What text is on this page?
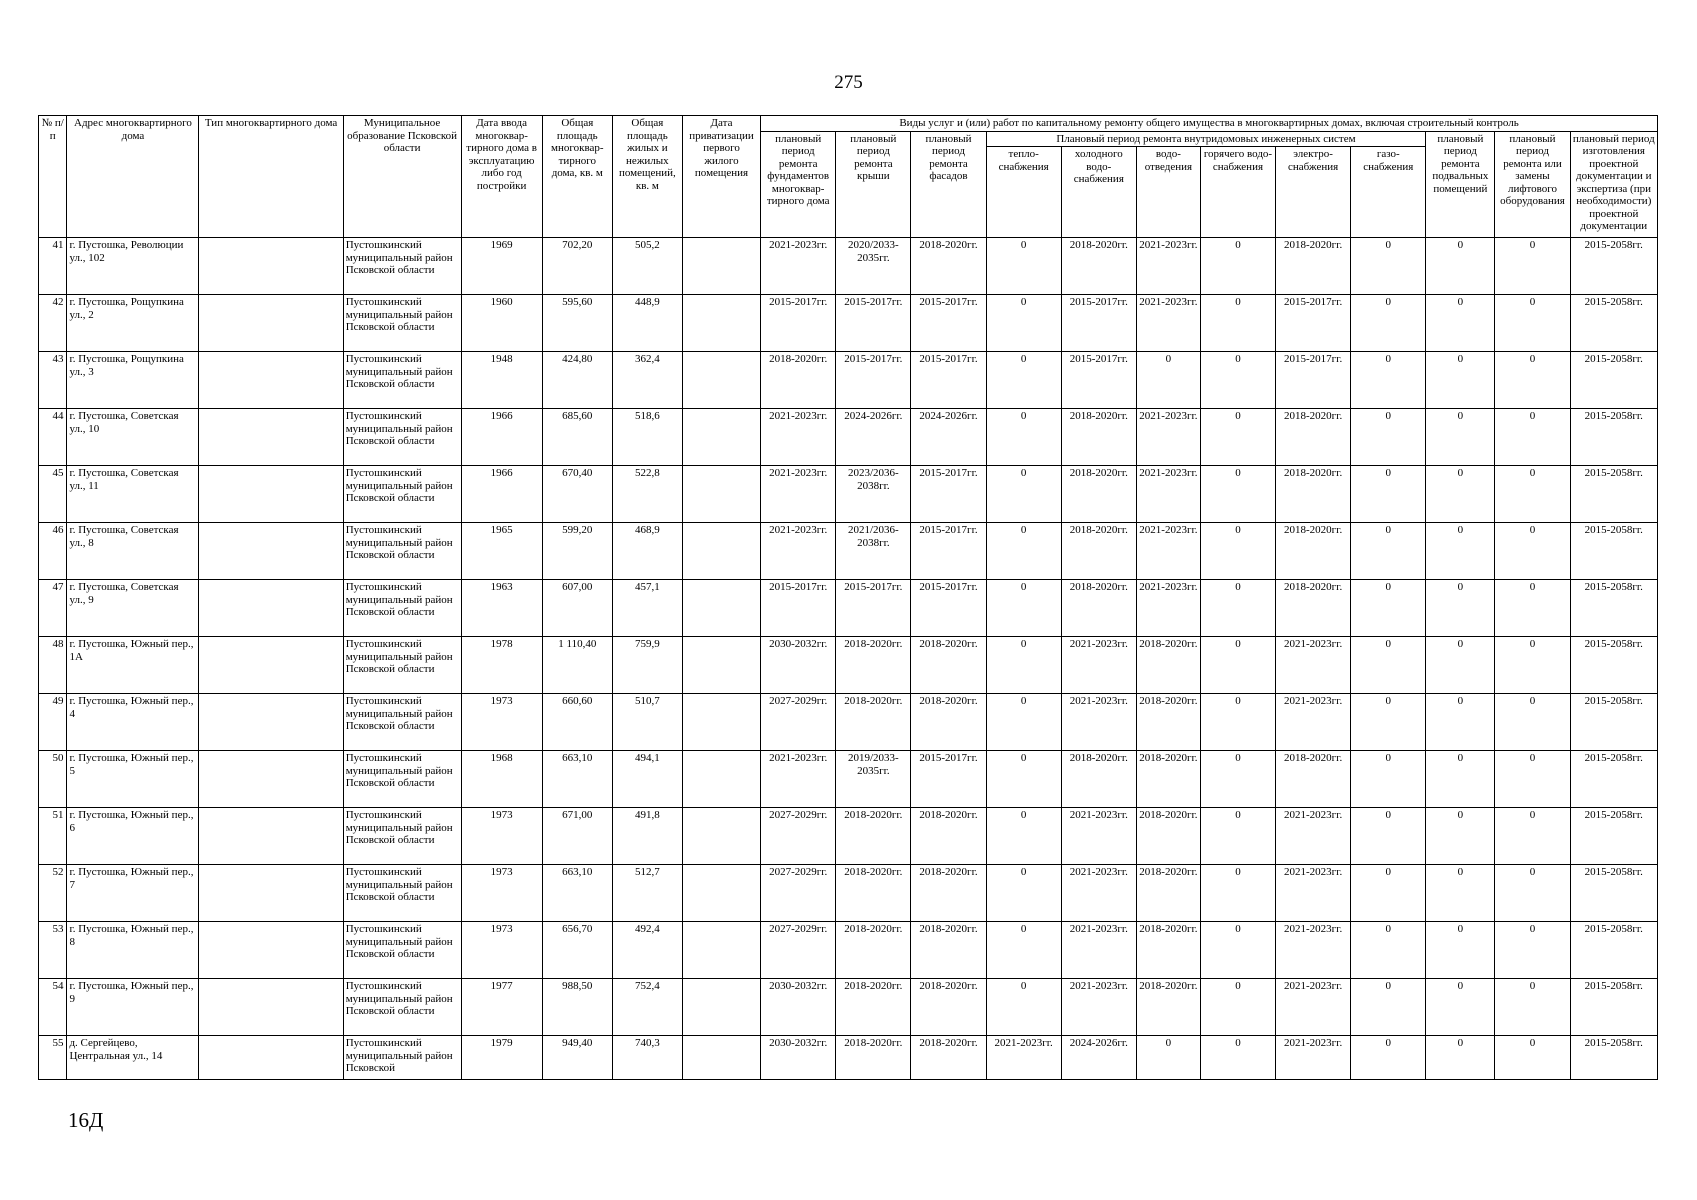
275
№ п/п	Адрес многоквартирного дома	Тип многоквартирного дома	Муниципальное образование Псковской области	Дата ввода многоквар-тирного дома в эксплуатацию либо год постройки	Общая площадь многоквар-тирного дома, кв. м	Общая площадь жилых и нежилых помещений, кв. м	Дата приватизации первого жилого помещения	Виды услуг и (или) работ по капитальному ремонту общего имущества в многоквартирных домах, включая строительный контроль											
								плановый период ремонта фундаментов многоквар-тирного дома	плановый период ремонта крыши	плановый период ремонта фасадов	Плановый период ремонта внутридомовых инженерных систем						плановый период ремонта подвальных помещений	плановый период ремонта или замены лифтового оборудования	плановый период изготовления проектной документации и экспертиза (при необходимости) проектной документации
											тепло-снабжения	холодного водо-снабжения	водо-отведения	горячего водо-снабжения	электро-снабжения	газо-снабжения			
41	г. Пустошка, Революции ул., 102		Пустошкинский муниципальный район Псковской области	1969	702,20	505,2		2021-2023гг.	2020/2033-2035гг.	2018-2020гг.	0	2018-2020гг.	2021-2023гг.	0	2018-2020гг.	0	0	0	2015-2058гг.
42	г. Пустошка, Рощупкина ул., 2		Пустошкинский муниципальный район Псковской области	1960	595,60	448,9		2015-2017гг.	2015-2017гг.	2015-2017гг.	0	2015-2017гг.	2021-2023гг.	0	2015-2017гг.	0	0	0	2015-2058гг.
43	г. Пустошка, Рощупкина ул., 3		Пустошкинский муниципальный район Псковской области	1948	424,80	362,4		2018-2020гг.	2015-2017гг.	2015-2017гг.	0	2015-2017гг.	0	0	2015-2017гг.	0	0	0	2015-2058гг.
44	г. Пустошка, Советская ул., 10		Пустошкинский муниципальный район Псковской области	1966	685,60	518,6		2021-2023гг.	2024-2026гг.	2024-2026гг.	0	2018-2020гг.	2021-2023гг.	0	2018-2020гг.	0	0	0	2015-2058гг.
45	г. Пустошка, Советская ул., 11		Пустошкинский муниципальный район Псковской области	1966	670,40	522,8		2021-2023гг.	2023/2036-2038гг.	2015-2017гг.	0	2018-2020гг.	2021-2023гг.	0	2018-2020гг.	0	0	0	2015-2058гг.
46	г. Пустошка, Советская ул., 8		Пустошкинский муниципальный район Псковской области	1965	599,20	468,9		2021-2023гг.	2021/2036-2038гг.	2015-2017гг.	0	2018-2020гг.	2021-2023гг.	0	2018-2020гг.	0	0	0	2015-2058гг.
47	г. Пустошка, Советская ул., 9		Пустошкинский муниципальный район Псковской области	1963	607,00	457,1		2015-2017гг.	2015-2017гг.	2015-2017гг.	0	2018-2020гг.	2021-2023гг.	0	2018-2020гг.	0	0	0	2015-2058гг.
48	г. Пустошка, Южный пер., 1А		Пустошкинский муниципальный район Псковской области	1978	1 110,40	759,9		2030-2032гг.	2018-2020гг.	2018-2020гг.	0	2021-2023гг.	2018-2020гг.	0	2021-2023гг.	0	0	0	2015-2058гг.
49	г. Пустошка, Южный пер., 4		Пустошкинский муниципальный район Псковской области	1973	660,60	510,7		2027-2029гг.	2018-2020гг.	2018-2020гг.	0	2021-2023гг.	2018-2020гг.	0	2021-2023гг.	0	0	0	2015-2058гг.
50	г. Пустошка, Южный пер., 5		Пустошкинский муниципальный район Псковской области	1968	663,10	494,1		2021-2023гг.	2019/2033-2035гг.	2015-2017гг.	0	2018-2020гг.	2018-2020гг.	0	2018-2020гг.	0	0	0	2015-2058гг.
51	г. Пустошка, Южный пер., 6		Пустошкинский муниципальный район Псковской области	1973	671,00	491,8		2027-2029гг.	2018-2020гг.	2018-2020гг.	0	2021-2023гг.	2018-2020гг.	0	2021-2023гг.	0	0	0	2015-2058гг.
52	г. Пустошка, Южный пер., 7		Пустошкинский муниципальный район Псковской области	1973	663,10	512,7		2027-2029гг.	2018-2020гг.	2018-2020гг.	0	2021-2023гг.	2018-2020гг.	0	2021-2023гг.	0	0	0	2015-2058гг.
53	г. Пустошка, Южный пер., 8		Пустошкинский муниципальный район Псковской области	1973	656,70	492,4		2027-2029гг.	2018-2020гг.	2018-2020гг.	0	2021-2023гг.	2018-2020гг.	0	2021-2023гг.	0	0	0	2015-2058гг.
54	г. Пустошка, Южный пер., 9		Пустошкинский муниципальный район Псковской области	1977	988,50	752,4		2030-2032гг.	2018-2020гг.	2018-2020гг.	0	2021-2023гг.	2018-2020гг.	0	2021-2023гг.	0	0	0	2015-2058гг.
55	д. Сергейцево, Центральная ул., 14		Пустошкинский муниципальный район Псковской	1979	949,40	740,3		2030-2032гг.	2018-2020гг.	2018-2020гг.	2021-2023гг.	2024-2026гг.	0	0	2021-2023гг.	0	0	0	2015-2058гг.
16Д
